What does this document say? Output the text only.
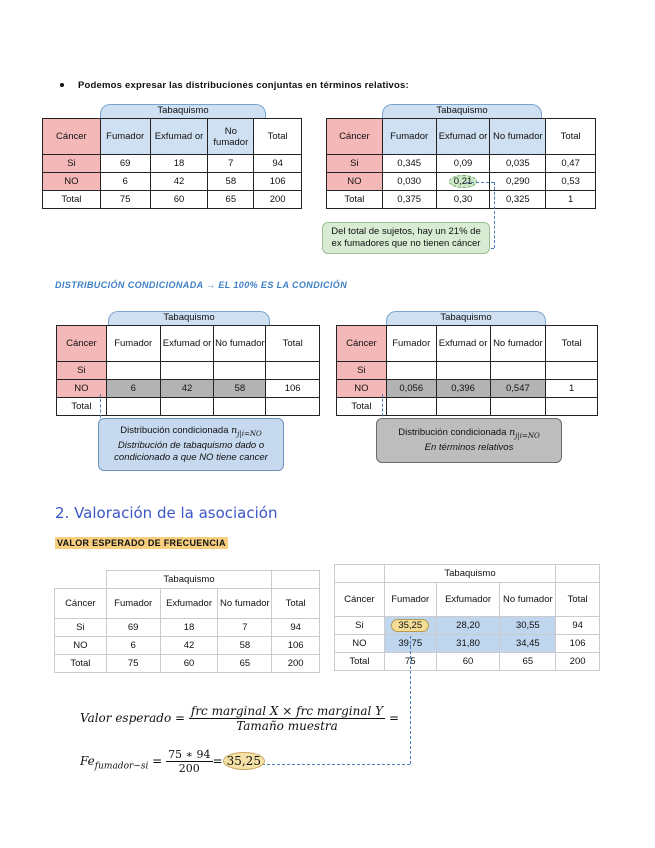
Podemos expresar las distribuciones conjuntas en términos relativos:
Tabaquismo
Cáncer	Fumador	Exfumad or	No fumador	Total
Si	69	18	7	94
NO	6	42	58	106
Total	75	60	65	200
Tabaquismo
Cáncer	Fumador	Exfumad or	No fumador	Total
Si	0,345	0,09	0,035	0,47
NO	0,030	0,21	0,290	0,53
Total	0,375	0,30	0,325	1
Del total de sujetos, hay un 21% de ex fumadores que no tienen cáncer
DISTRIBUCIÓN CONDICIONADA → EL 100% ES LA CONDICIÓN
Tabaquismo
Cáncer	Fumador	Exfumad or	No fumador	Total
Si				
NO	6	42	58	106
Total				
Distribución condicionada $n_{j|i=NO}$
Distribución de tabaquismo dado o condicionado a que NO tiene cancer
Tabaquismo
Cáncer	Fumador	Exfumad or	No fumador	Total
Si				
NO	0,056	0,396	0,547	1
Total				
Distribución condicionada $n_{j|i=NO}$
En términos relativos
2. Valoración de la asociación
VALOR ESPERADO DE FRECUENCIA
	Tabaquismo			
Cáncer	Fumador	Exfumador	No fumador	Total
Si	69	18	7	94
NO	6	42	58	106
Total	75	60	65	200
	Tabaquismo			
Cáncer	Fumador	Exfumador	No fumador	Total
Si	35,25	28,20	30,55	94
NO	39,75	31,80	34,45	106
Total	75	60	65	200
Valor esperado = $\frac{\text{frc marginal X × frc marginal Y}}{\text{Tamaño muestra}}$ =
$Fe_{fumador-si} = \frac{75 ∗ 94}{200} = 35,25$
